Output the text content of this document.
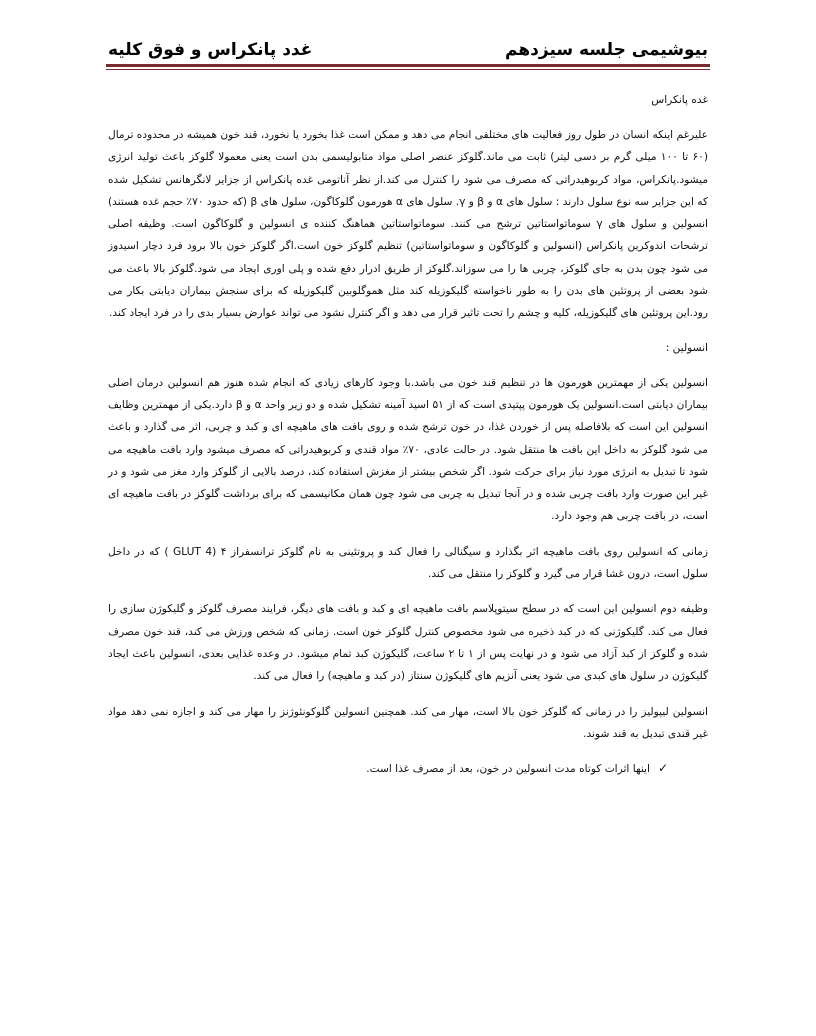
بیوشیمی جلسه سیزدهم
غدد پانکراس و فوق کلیه

غده پانکراس

علیرغم اینکه انسان در طول روز فعالیت های مختلفی انجام می دهد و ممکن است غذا بخورد یا نخورد، قند خون همیشه در محدوده ترمال (۶۰ تا ۱۰۰ میلی گرم بر دسی لیتر) ثابت می ماند.گلوکز عنصر اصلی مواد متابولیسمی بدن است یعنی معمولا گلوکز باعث تولید انرژی میشود.پانکراس، مواد کربوهیدراتی که مصرف می شود را کنترل می کند.از نظر آناتومی غده پانکراس از جزایر لانگرهانس تشکیل شده که این جزایر سه نوع سلول دارند : سلول های α و β و γ. سلول های α هورمون گلوکاگون، سلول های β (که حدود ۷۰٪ حجم غده هستند) انسولین و سلول های γ سوماتواستاتین ترشح می کنند. سوماتواستاتین هماهنگ کننده ی انسولین و گلوکاگون است. وظیفه اصلی ترشحات اندوکرین پانکراس (انسولین و گلوکاگون و سوماتواستاتین) تنظیم گلوکز خون است.اگر گلوکز خون بالا برود فرد دچار اسیدوز می شود چون بدن به جای گلوکز، چربی ها را می سوزاند.گلوکز از طریق ادرار دفع شده و پلی اوری ایجاد می شود.گلوکز بالا باعث می شود بعضی از پروتئین های بدن را به طور ناخواسته گلیکوزیله کند مثل هموگلوبین گلیکوزیله که برای سنجش بیماران دیابتی بکار می رود.این پروتئین های گلیکوزیله، کلیه و چشم را تحت تاثیر قرار می دهد و اگر کنترل نشود می تواند عوارض بسیار بدی را در فرد ایجاد کند.

انسولین :

انسولین یکی از مهمترین هورمون ها در تنظیم قند خون می باشد.با وجود کارهای زیادی که انجام شده هنوز هم انسولین درمان اصلی بیماران دیابتی است.انسولین یک هورمون پپتیدی است که از ۵۱ اسید آمینه تشکیل شده و دو زیر واحد α و β دارد.یکی از مهمترین وظایف انسولین این است که بلافاصله پس از خوردن غذا، در خون ترشح شده و روی بافت های ماهیچه ای و کبد و چربی، اثر می گذارد و باعث می شود گلوکز به داخل این بافت ها منتقل شود. در حالت عادی، ۷۰٪ مواد قندی و کربوهیدراتی که مصرف میشود وارد بافت ماهیچه می شود تا تبدیل به انرژی مورد نیاز برای حرکت شود. اگر شخص بیشتر از مغزش استفاده کند، درصد بالایی از گلوکز وارد مغز می شود و در غیر این صورت وارد بافت چربی شده و در آنجا تبدیل به چربی می شود چون همان مکانیسمی که برای برداشت گلوکز در بافت ماهیچه ای است، در بافت چربی هم وجود دارد.

زمانی که انسولین روی بافت ماهیچه اثر بگذارد و سیگنالی را فعال کند و پروتئینی به نام گلوکز ترانسفراز ۴ (GLUT 4 ) که در داخل سلول است، درون غشا قرار می گیرد و گلوکز را منتقل می کند.

وظیفه دوم انسولین این است که در سطح سیتوپلاسم بافت ماهیچه ای و کبد و بافت های دیگر، فرایند مصرف گلوکز و گلیکوژن سازی را فعال می کند. گلیکوژنی که در کبد ذخیره می شود مخصوص کنترل گلوکز خون است. زمانی که شخص ورزش می کند، قند خون مصرف شده و گلوکز از کبد آزاد می شود و در نهایت پس از ۱ تا ۲ ساعت، گلیکوژن کبد تمام میشود. در وعده غذایی بعدی، انسولین باعث ایجاد گلیکوژن در سلول های کبدی می شود یعنی آنزیم های گلیکوژن سنتاز (در کبد و ماهیچه) را فعال می کند.

انسولین لیپولیز را در زمانی که گلوکز خون بالا است، مهار می کند. همچنین انسولین گلوکونئوژنز را مهار می کند و اجازه نمی دهد مواد غیر قندی تبدیل به قند شوند.

✓
اینها اثرات کوتاه مدت انسولین در خون، بعد از مصرف غذا است.
